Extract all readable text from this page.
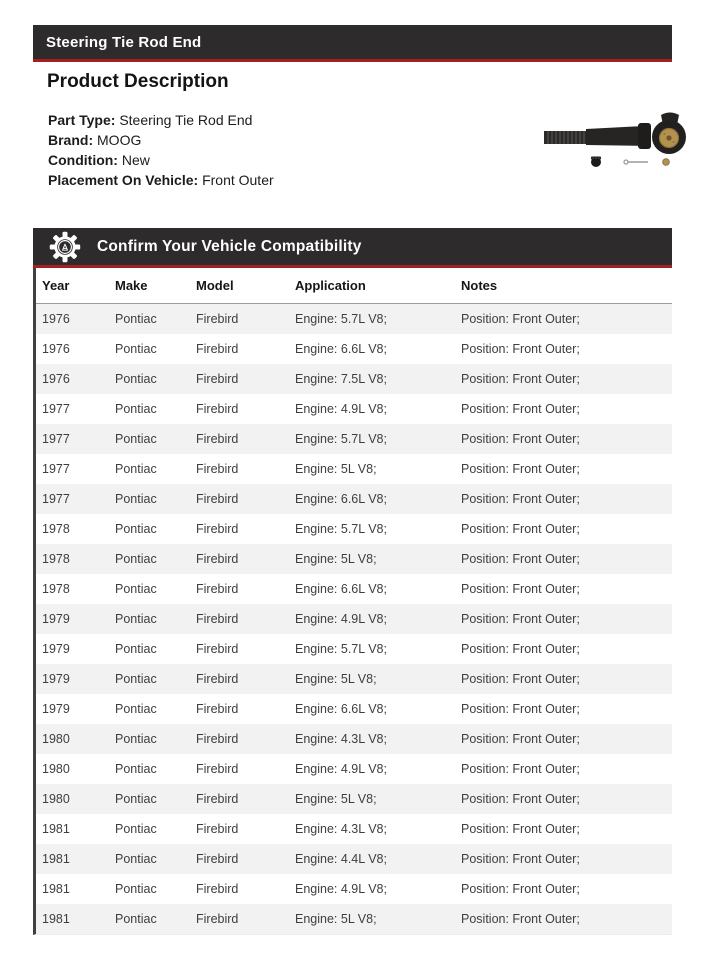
Steering Tie Rod End
Product Description
Part Type: Steering Tie Rod End
Brand: MOOG
Condition: New
Placement On Vehicle: Front Outer
Confirm Your Vehicle Compatibility
Year	Make	Model	Application	Notes
1976	Pontiac	Firebird	Engine: 5.7L V8;	Position: Front Outer;
1976	Pontiac	Firebird	Engine: 6.6L V8;	Position: Front Outer;
1976	Pontiac	Firebird	Engine: 7.5L V8;	Position: Front Outer;
1977	Pontiac	Firebird	Engine: 4.9L V8;	Position: Front Outer;
1977	Pontiac	Firebird	Engine: 5.7L V8;	Position: Front Outer;
1977	Pontiac	Firebird	Engine: 5L V8;	Position: Front Outer;
1977	Pontiac	Firebird	Engine: 6.6L V8;	Position: Front Outer;
1978	Pontiac	Firebird	Engine: 5.7L V8;	Position: Front Outer;
1978	Pontiac	Firebird	Engine: 5L V8;	Position: Front Outer;
1978	Pontiac	Firebird	Engine: 6.6L V8;	Position: Front Outer;
1979	Pontiac	Firebird	Engine: 4.9L V8;	Position: Front Outer;
1979	Pontiac	Firebird	Engine: 5.7L V8;	Position: Front Outer;
1979	Pontiac	Firebird	Engine: 5L V8;	Position: Front Outer;
1979	Pontiac	Firebird	Engine: 6.6L V8;	Position: Front Outer;
1980	Pontiac	Firebird	Engine: 4.3L V8;	Position: Front Outer;
1980	Pontiac	Firebird	Engine: 4.9L V8;	Position: Front Outer;
1980	Pontiac	Firebird	Engine: 5L V8;	Position: Front Outer;
1981	Pontiac	Firebird	Engine: 4.3L V8;	Position: Front Outer;
1981	Pontiac	Firebird	Engine: 4.4L V8;	Position: Front Outer;
1981	Pontiac	Firebird	Engine: 4.9L V8;	Position: Front Outer;
1981	Pontiac	Firebird	Engine: 5L V8;	Position: Front Outer;
